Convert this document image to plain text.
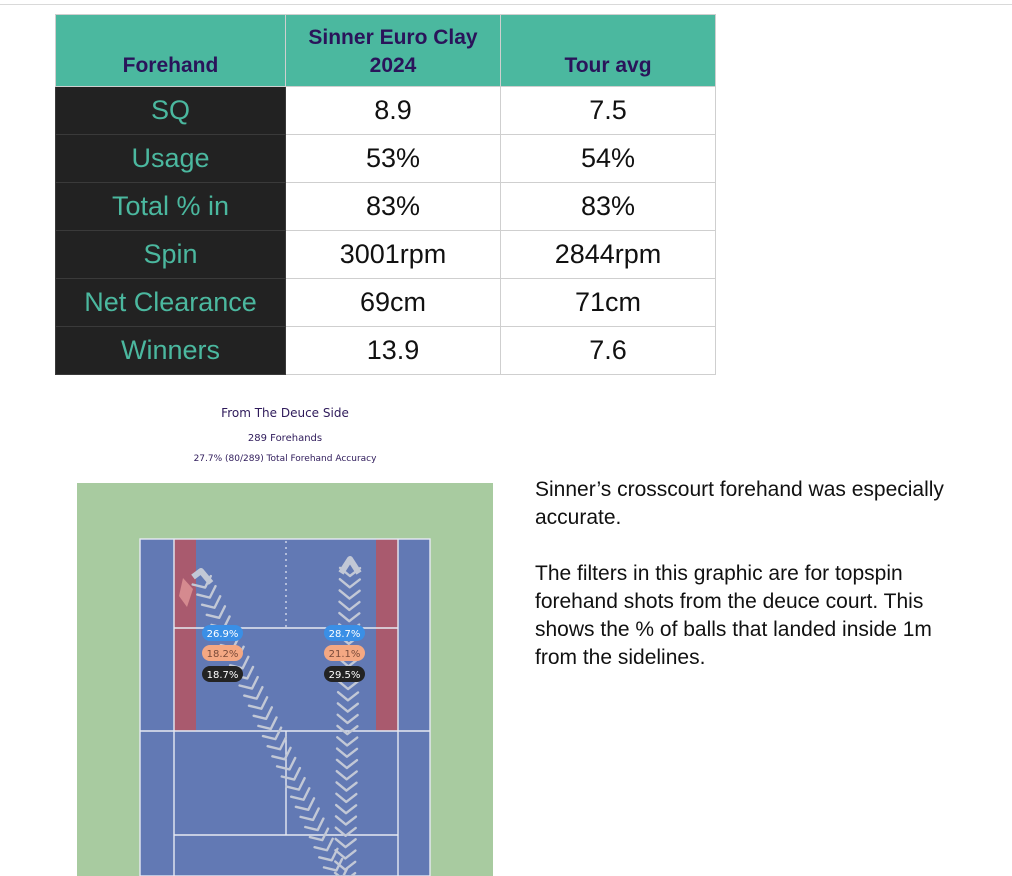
Forehand	Sinner Euro Clay 2024	Tour avg
SQ	8.9	7.5
Usage	53%	54%
Total % in	83%	83%
Spin	3001rpm	2844rpm
Net Clearance	69cm	71cm
Winners	13.9	7.6
From The Deuce Side
289 Forehands
27.7% (80/289) Total Forehand Accuracy
26.9%
18.2%
18.7%
28.7%
21.1%
29.5%

Sinner’s crosscourt forehand was especially accurate.

The filters in this graphic are for topspin forehand shots from the deuce court. This shows the % of balls that landed inside 1m from the sidelines.
